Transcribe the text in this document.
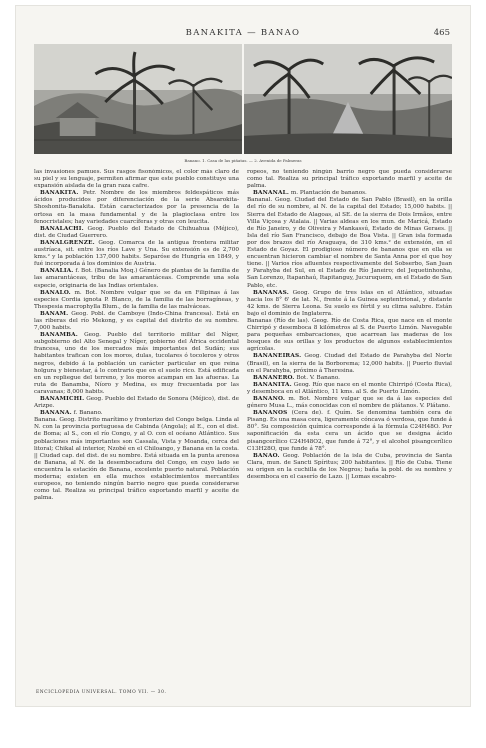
BANAKITA — BANAO	465
Banano. 1. Casa de las piñatas. — 2. Avenida de Palmeras

las invasiones pamues. Sus rasgos fisonómicos, el color más claro de su piel y su lenguaje, permiten afirmar que este pueblo constituye una expansión aislada de la gran raza cafre.

BANAKITA. Petr. Nombre de los miembros feldespáticos más ácidos producidos por diferenciación de la serie Absarokita-Shoshonita-Banakita. Están caracterizados por la presencia de la ortosa en la masa fundamental y de la plagioclasa entre los fenocristales; hay variedades cuarcíferas y otras con leucita.

BANALACHI. Geog. Pueblo del Estado de Chihuahua (Méjico), dist. de Ciudad Guerrero.

BANALGRENZE. Geog. Comarca de la antigua frontera militar austríaca, sit. entre los ríos Lave y Una. Su extensión es de 2,700 kms.² y la población 137,000 habits. Separóse de Hungría en 1849, y fué incorporada á los dominios de Austria.

BANALIA. f. Bot. (Banalia Moq.) Género de plantas de la familia de las amarantáceas, tribu de las amarantáceas. Comprende una sola especie, originaria de las Indias orientales.

BANALO. m. Bot. Nombre vulgar que se da en Filipinas á las especies Cordia ignota P. Blanco, de la familia de las borragíneas, y Thespesia macrophylla Blum., de la familia de las malváceas.

BANAM. Geog. Pobl. de Camboye (Indo-China francesa). Está en las riberas del río Mekong, y es capital del distrito de su nombre. 7,000 habits.

BANAMBA. Geog. Pueblo del territorio militar del Níger, subgobierno del Alto Senegal y Níger, gobierno del África occidental francesa, uno de los mercados más importantes del Sudán; sus habitantes trafican con los moros, dulas, tucolares ó tocoleros y otros negros, debido á la población un carácter particular en que reina holgura y bienestar, á lo contrario que en el suelo rico. Está edificada en un repliegue del terreno, y los moros acampan en las afueras. La ruta de Banamba, Níoro y Medina, es muy frecuentada por las caravanas; 8,000 habits.

BANAMICHI. Geog. Pueblo del Estado de Sonora (Méjico), dist. de Arizpe.

BANANA. f. Banano.

Banana. Geog. Distrito marítimo y fronterizo del Congo belga. Linda al N. con la provincia portuguesa de Cabinda (Angola); al E., con el dist. de Boma; al S., con el río Congo, y al O. con el océano Atlántico. Sus poblaciones más importantes son Cassala, Vista y Moanda, cerca del litoral; Chikal al interior, Nzobé en el Chiloango, y Banana en la costa. || Ciudad cap. del dist. de su nombre. Está situada en la punta arenosa de Banana, al N. de la desembocadura del Congo, en cuyo lado se encuentra la estación de Banana, excelente puerto natural. Población moderna; existen en ella muchos establecimientos mercantiles europeos, no teniendo ningún barrio negro que pueda considerarse como tal. Realiza su principal tráfico exportando marfil y aceite de palma.

ropeos, no teniendo ningún barrio negro que pueda considerarse como tal. Realiza su principal tráfico exportando marfil y aceite de palma.

BANANAL. m. Plantación de bananos.

Bananal. Geog. Ciudad del Estado de San Pablo (Brasil), en la orilla del río de su nombre, al N. de la capital del Estado; 15,000 habits. || Sierra del Estado de Alagoas, al SE. de la sierra de Dois Irmãos, entre Villa Viçosa y Atalaia. || Varias aldeas en los mun. de Maricá, Estado de Río Janeiro, y de Oliveira y Mankassú, Estado de Minas Geraes. || Isla del río San Francisco, debajo de Boa Vista. || Gran isla formada por dos brazos del río Araguaya, de 310 kms.² de extensión, en el Estado de Goyaz. El prodigioso número de bananos que en ella se encuentran hicieron cambiar el nombre de Santa Anna por el que hoy tiene. || Varios ríos afluentes respectivamente del Sobserbo, San Juan y Parahyba del Sul, en el Estado de Río Janeiro; del Jequetinhonha, San Lorenzo, Itapanhaú, Itapitanguy, Jucuruquem, en el Estado de San Pablo, etc.

BANANAS. Geog. Grupo de tres islas en el Atlántico, situadas hacia los 8° 6' de lat. N., frente á la Guinea septentrional, y distante 42 kms. de Sierra Leona. Su suelo es fértil y su clima salubre. Están bajo el dominio de Inglaterra.

Bananas (Río de las). Geog. Río de Costa Rica, que nace en el monte Chirripó y desemboca 8 kilómetros al S. de Puerto Limón. Navegable para pequeñas embarcaciones, que acarrean las maderas de los bosques de sus orillas y los productos de algunos establecimientos agrícolas.

BANANEIRAS. Geog. Ciudad del Estado de Parahyba del Norte (Brasil), en la sierra de la Borborema; 12,000 habits. || Puerto fluvial en el Parahyba, próximo á Theresina.

BANANERO. Bot. V. Banano.

BANANITA. Geog. Río que nace en el monte Chirripó (Costa Rica), y desemboca en el Atlántico, 11 kms. al S. de Puerto Limón.

BANANO. m. Bot. Nombre vulgar que se da á las especies del género Musa L., más conocidas con el nombre de plátanos. V. Plátano.

BANANOS (Cera de). f. Quím. Se denomina también cera de Pisang. Es una masa cera, ligeramente cóncava ó verdosa, que funde á 80°. Su composición química corresponde á la fórmula C24H48O. Por saponificación da esta cera un ácido que se designa ácido pisangcerílico C24H48O2, que funde á 72°, y el alcohol pisangcerílico C13H28O, que funde á 78°.

BANAO. Geog. Población de la isla de Cuba, provincia de Santa Clara, mun. de Sancti Spíritus; 200 habitantes. || Río de Cuba. Tiene su origen en la cuchilla de los Negros; baña la pobl. de su nombre y desemboca en el caserío de Lazo. || Lomas escabro-

ENCICLOPEDIA UNIVERSAL. TOMO VII. — 30.
